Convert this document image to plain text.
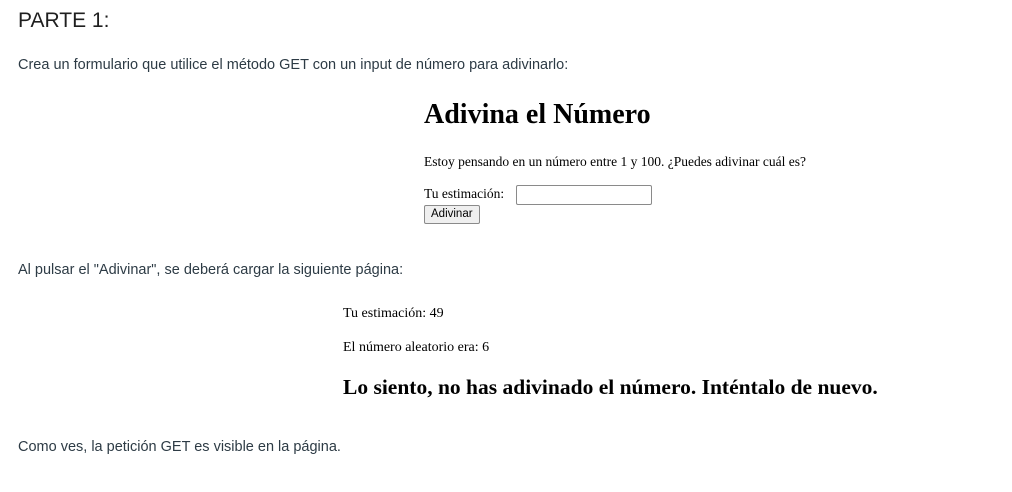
PARTE 1:

Crea un formulario que utilice el método GET con un input de número para adivinarlo:

Adivina el Número

Estoy pensando en un número entre 1 y 100. ¿Puedes adivinar cuál es?

Tu estimación:
Adivinar

Al pulsar el "Adivinar", se deberá cargar la siguiente página:

Tu estimación: 49

El número aleatorio era: 6

Lo siento, no has adivinado el número. Inténtalo de nuevo.

Como ves, la petición GET es visible en la página.
